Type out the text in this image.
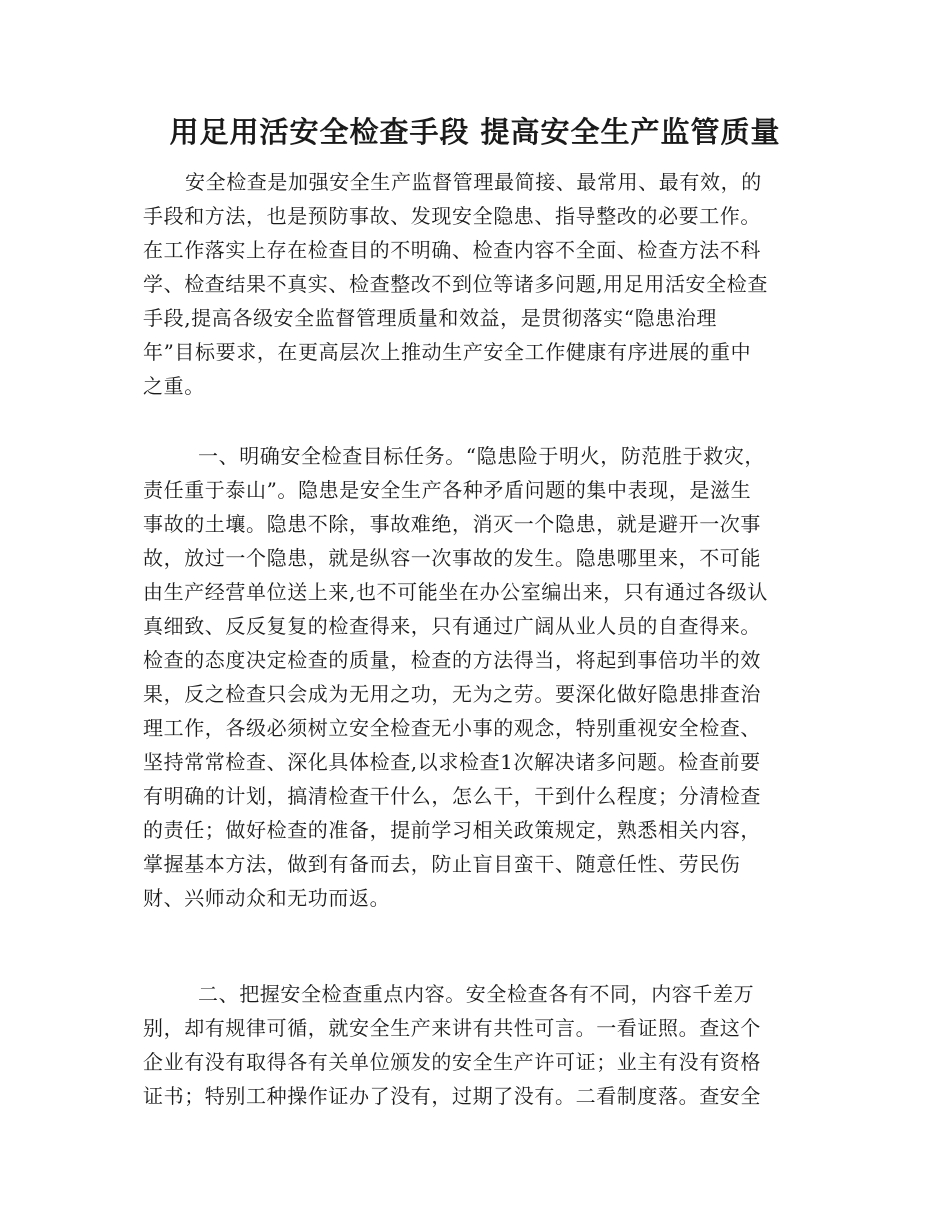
用足用活安全检查手段 提高安全生产监管质量
安全检查是加强安全生产监督管理最简接、最常用、最有效，的
手段和方法，也是预防事故、发现安全隐患、指导整改的必要工作。
在工作落实上存在检查目的不明确、检查内容不全面、检查方法不科
学、检查结果不真实、检查整改不到位等诸多问题,用足用活安全检查
手段,提高各级安全监督管理质量和效益，是贯彻落实“隐患治理
年”目标要求，在更高层次上推动生产安全工作健康有序进展的重中
之重。
一、明确安全检查目标任务。“隐患险于明火，防范胜于救灾，
责任重于泰山”。隐患是安全生产各种矛盾问题的集中表现，是滋生
事故的土壤。隐患不除，事故难绝，消灭一个隐患，就是避开一次事
故，放过一个隐患，就是纵容一次事故的发生。隐患哪里来，不可能
由生产经营单位送上来,也不可能坐在办公室编出来，只有通过各级认
真细致、反反复复的检查得来，只有通过广阔从业人员的自查得来。
检查的态度决定检查的质量，检查的方法得当，将起到事倍功半的效
果，反之检查只会成为无用之功，无为之劳。要深化做好隐患排查治
理工作，各级必须树立安全检查无小事的观念，特别重视安全检查、
坚持常常检查、深化具体检查,以求检查1次解决诸多问题。检查前要
有明确的计划，搞清检查干什么，怎么干，干到什么程度；分清检查
的责任；做好检查的准备，提前学习相关政策规定，熟悉相关内容，
掌握基本方法，做到有备而去，防止盲目蛮干、随意任性、劳民伤
财、兴师动众和无功而返。
二、把握安全检查重点内容。安全检查各有不同，内容千差万
别，却有规律可循，就安全生产来讲有共性可言。一看证照。查这个
企业有没有取得各有关单位颁发的安全生产许可证；业主有没有资格
证书；特别工种操作证办了没有，过期了没有。二看制度落。查安全
